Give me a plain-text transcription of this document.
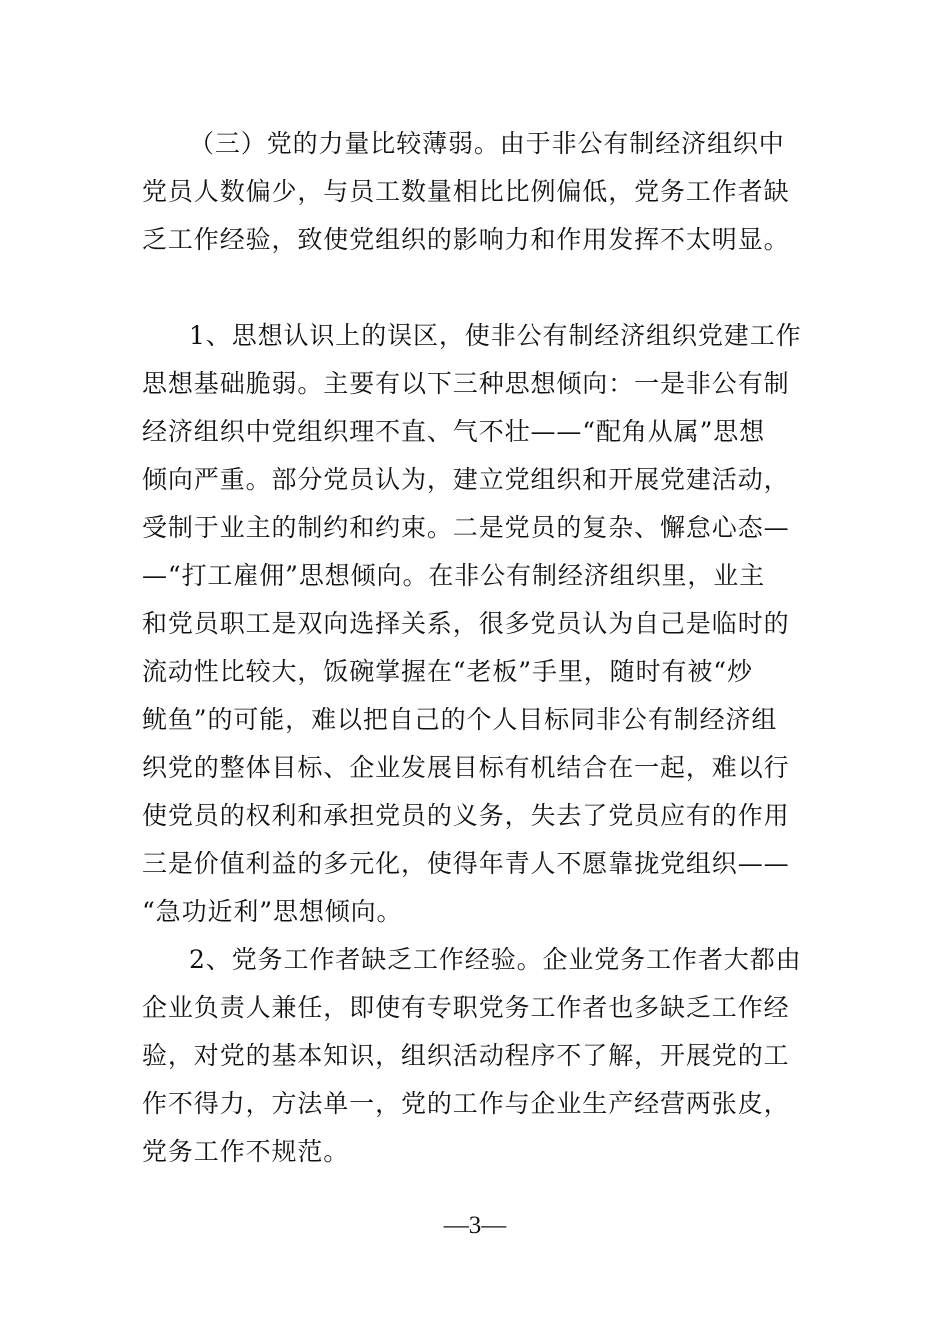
（三）党的力量比较薄弱。由于非公有制经济组织中
党员人数偏少，与员工数量相比比例偏低，党务工作者缺
乏工作经验，致使党组织的影响力和作用发挥不太明显。
1、思想认识上的误区，使非公有制经济组织党建工作
思想基础脆弱。主要有以下三种思想倾向：一是非公有制
经济组织中党组织理不直、气不壮——“配角从属”思想
倾向严重。部分党员认为，建立党组织和开展党建活动，
受制于业主的制约和约束。二是党员的复杂、懈怠心态—
—“打工雇佣”思想倾向。在非公有制经济组织里，业主
和党员职工是双向选择关系，很多党员认为自己是临时的
流动性比较大，饭碗掌握在“老板”手里，随时有被“炒
鱿鱼”的可能，难以把自己的个人目标同非公有制经济组
织党的整体目标、企业发展目标有机结合在一起，难以行
使党员的权利和承担党员的义务，失去了党员应有的作用
三是价值利益的多元化，使得年青人不愿靠拢党组织——
“急功近利”思想倾向。
2、党务工作者缺乏工作经验。企业党务工作者大都由
企业负责人兼任，即使有专职党务工作者也多缺乏工作经
验，对党的基本知识，组织活动程序不了解，开展党的工
作不得力，方法单一，党的工作与企业生产经营两张皮，
党务工作不规范。
—3—
